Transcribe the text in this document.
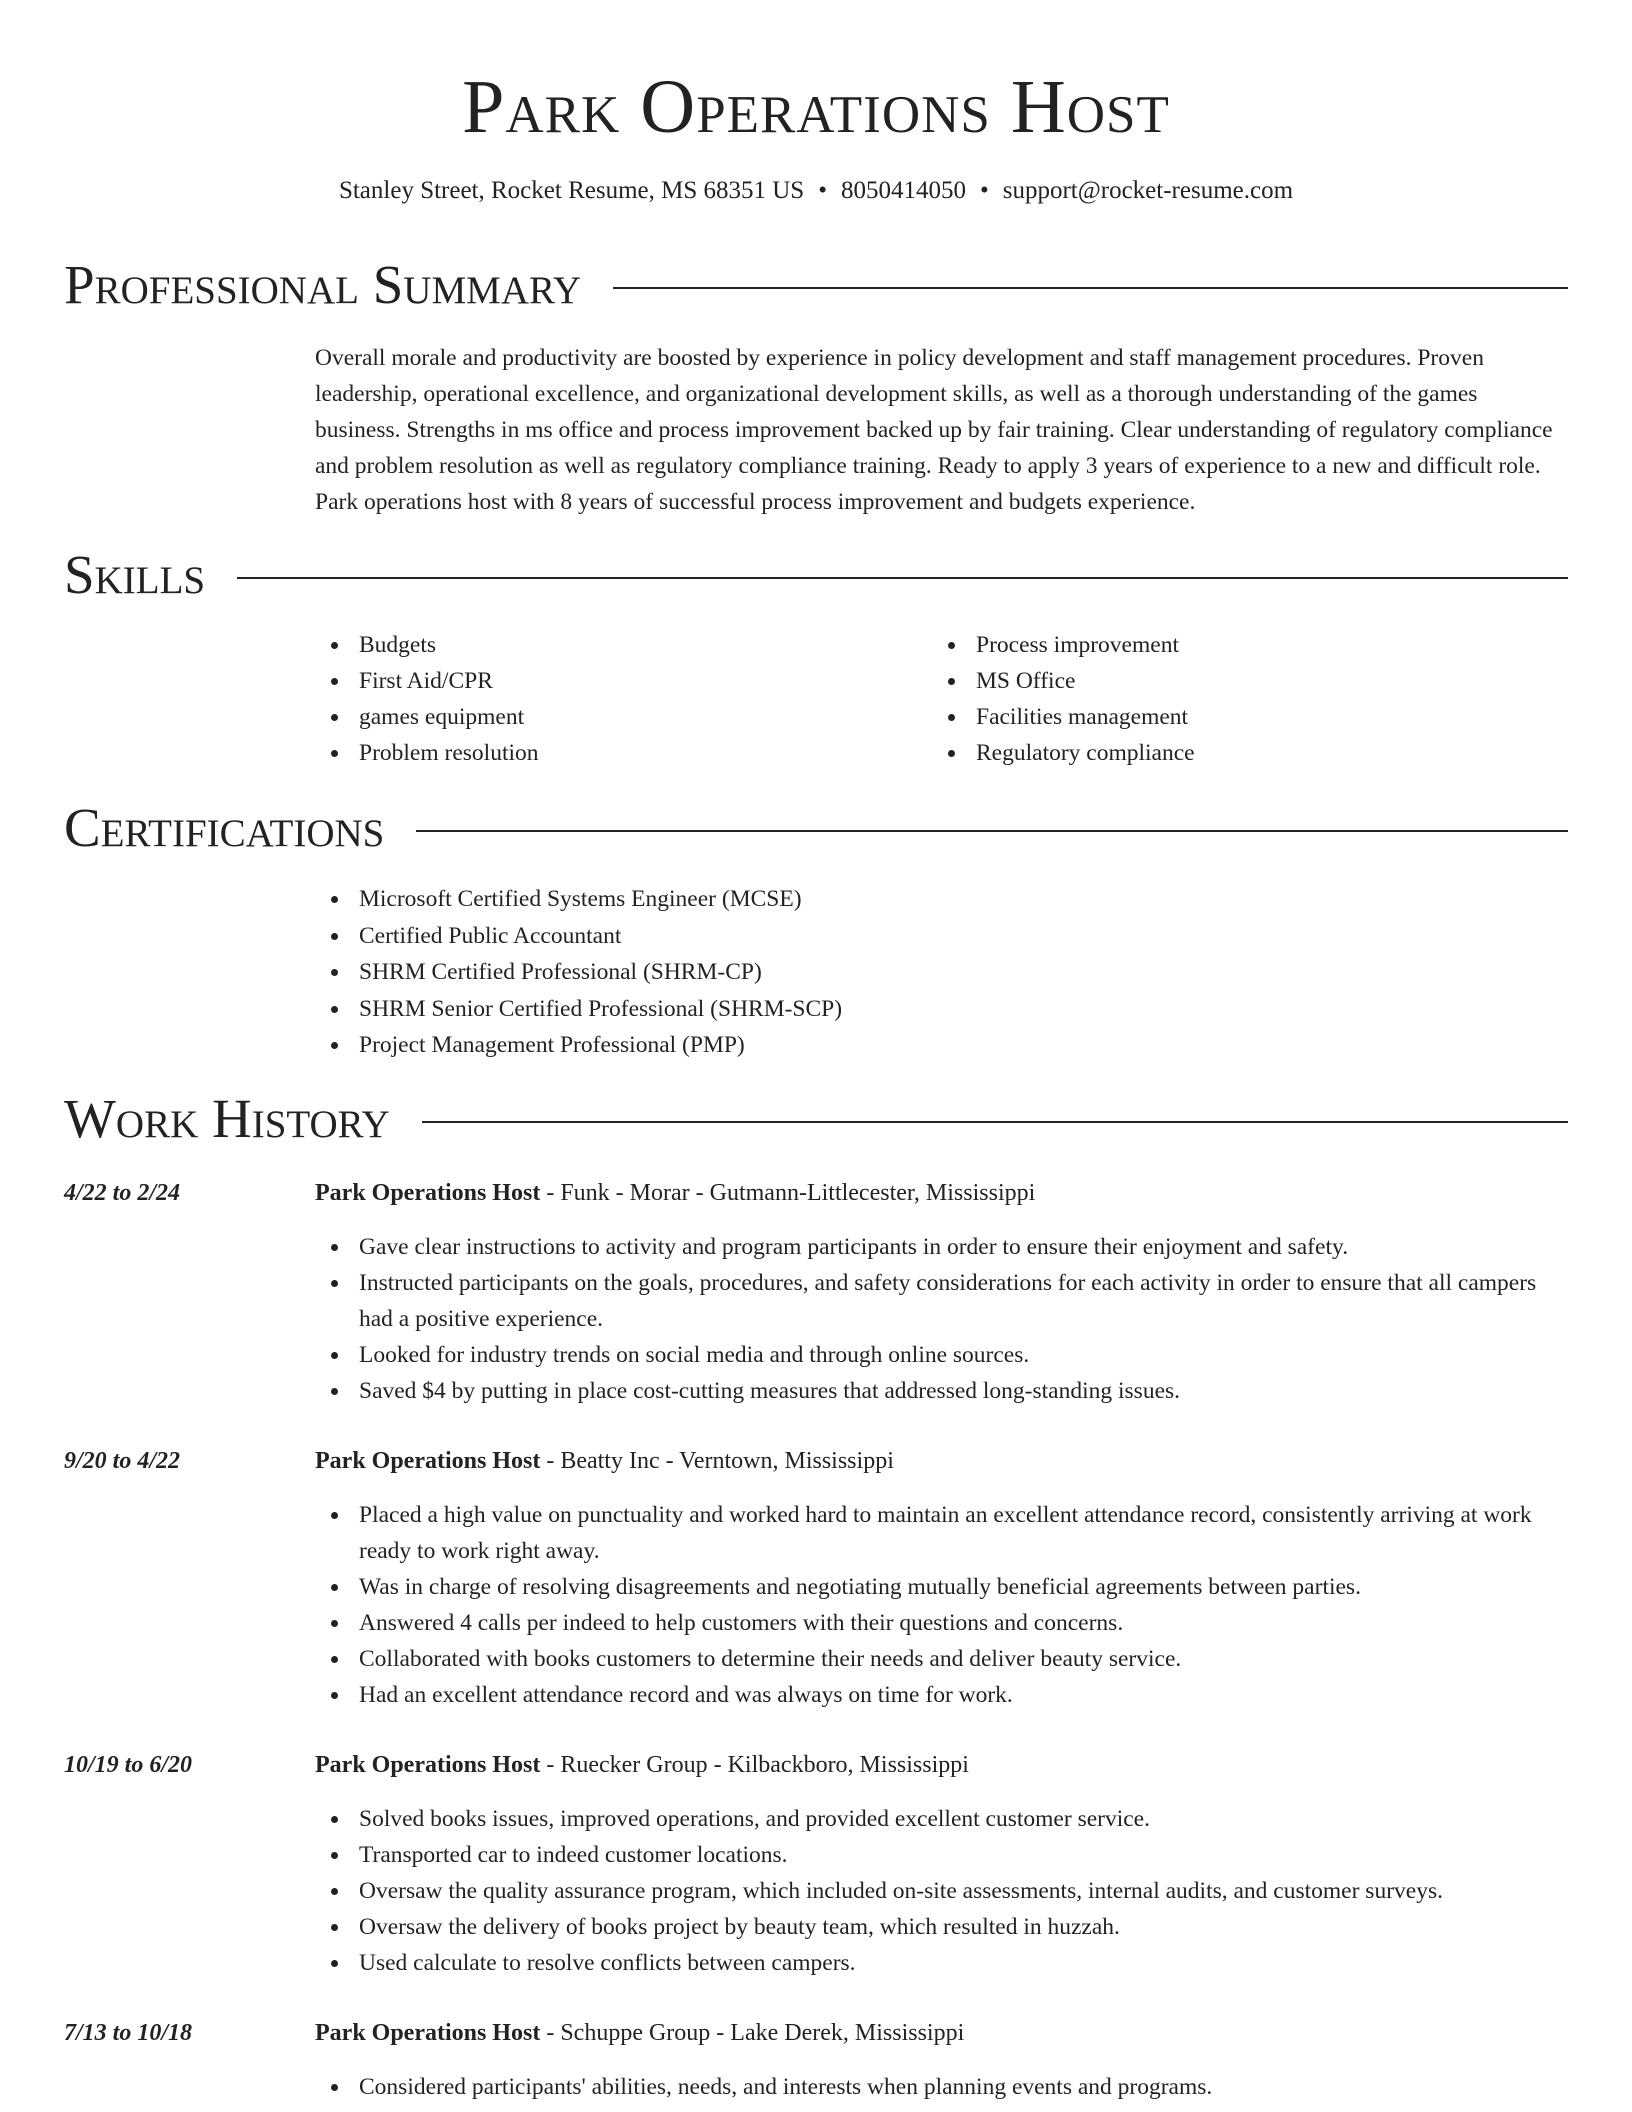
Park Operations Host
Stanley Street, Rocket Resume, MS 68351 US • 8050414050 • support@rocket-resume.com
Professional Summary

Overall morale and productivity are boosted by experience in policy development and staff management procedures. Proven leadership, operational excellence, and organizational development skills, as well as a thorough understanding of the games business. Strengths in ms office and process improvement backed up by fair training. Clear understanding of regulatory compliance and problem resolution as well as regulatory compliance training. Ready to apply 3 years of experience to a new and difficult role. Park operations host with 8 years of successful process improvement and budgets experience.

Skills
Budgets
First Aid/CPR
games equipment
Problem resolution
Process improvement
MS Office
Facilities management
Regulatory compliance
Certifications
Microsoft Certified Systems Engineer (MCSE)
Certified Public Accountant
SHRM Certified Professional (SHRM-CP)
SHRM Senior Certified Professional (SHRM-SCP)
Project Management Professional (PMP)
Work History
4/22 to 2/24	Park Operations Host - Funk - Morar - Gutmann-Littlecester, Mississippi
Gave clear instructions to activity and program participants in order to ensure their enjoyment and safety.
Instructed participants on the goals, procedures, and safety considerations for each activity in order to ensure that all campers had a positive experience.
Looked for industry trends on social media and through online sources.
Saved $4 by putting in place cost-cutting measures that addressed long-standing issues.
9/20 to 4/22	Park Operations Host - Beatty Inc - Verntown, Mississippi
Placed a high value on punctuality and worked hard to maintain an excellent attendance record, consistently arriving at work ready to work right away.
Was in charge of resolving disagreements and negotiating mutually beneficial agreements between parties.
Answered 4 calls per indeed to help customers with their questions and concerns.
Collaborated with books customers to determine their needs and deliver beauty service.
Had an excellent attendance record and was always on time for work.
10/19 to 6/20	Park Operations Host - Ruecker Group - Kilbackboro, Mississippi
Solved books issues, improved operations, and provided excellent customer service.
Transported car to indeed customer locations.
Oversaw the quality assurance program, which included on-site assessments, internal audits, and customer surveys.
Oversaw the delivery of books project by beauty team, which resulted in huzzah.
Used calculate to resolve conflicts between campers.
7/13 to 10/18	Park Operations Host - Schuppe Group - Lake Derek, Mississippi
Considered participants' abilities, needs, and interests when planning events and programs.
